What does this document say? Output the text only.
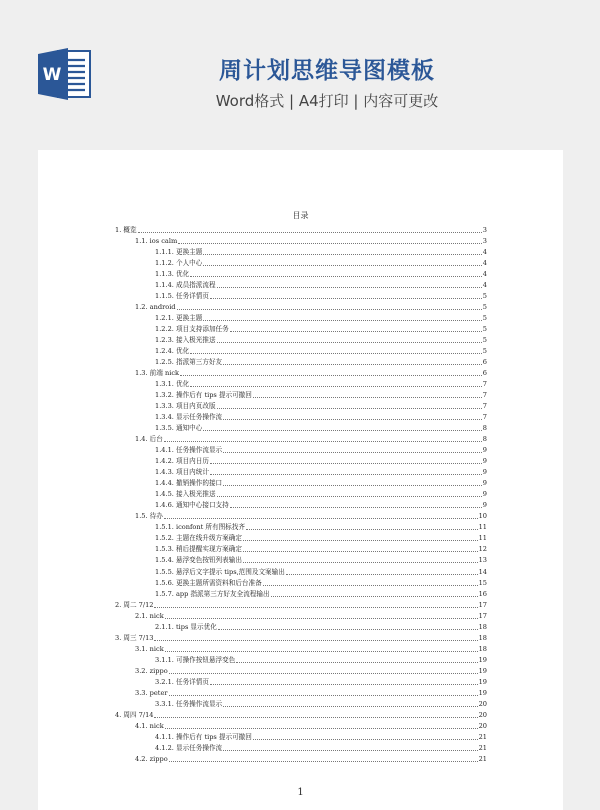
W	周计划思维导图模板
Word格式 | A4打印 | 内容可更改
目录
1. 概览	3
1.1. ios calm	3
1.1.1. 更换主题	4
1.1.2. 个人中心	4
1.1.3. 优化	4
1.1.4. 成员指派流程	4
1.1.5. 任务详情页	5
1.2. android	5
1.2.1. 更换主题	5
1.2.2. 项目支持添加任务	5
1.2.3. 接入极光推送	5
1.2.4. 优化	5
1.2.5. 指派第三方好友	6
1.3. 前端 nick	6
1.3.1. 优化	7
1.3.2. 操作后有 tips 提示可撤回	7
1.3.3. 项目内页改版	7
1.3.4. 显示任务操作流	7
1.3.5. 通知中心	8
1.4. 后台	8
1.4.1. 任务操作流显示	9
1.4.2. 项目内日历	9
1.4.3. 项目内统计	9
1.4.4. 撤销操作的接口	9
1.4.5. 接入极光推送	9
1.4.6. 通知中心接口支持	9
1.5. 待办	10
1.5.1. iconfont 所有图标找齐	11
1.5.2. 主题在线升级方案确定	11
1.5.3. 稍后提醒实现方案确定	12
1.5.4. 悬浮变色按钮列表输出	13
1.5.5. 悬浮后文字提示 tips,范围及文案输出	14
1.5.6. 更换主题所需资料和后台准备	15
1.5.7. app 指派第三方好友全流程输出	16
2. 周二 7/12	17
2.1. nick	17
2.1.1. tips 显示优化	18
3. 周三 7/13	18
3.1. nick	18
3.1.1. 可操作按钮悬浮变色	19
3.2. zippo	19
3.2.1. 任务详情页	19
3.3. peter	19
3.3.1. 任务操作流显示	20
4. 周四 7/14	20
4.1. nick	20
4.1.1. 操作后有 tips 提示可撤回	21
4.1.2. 显示任务操作流	21
4.2. zippo	21
1
